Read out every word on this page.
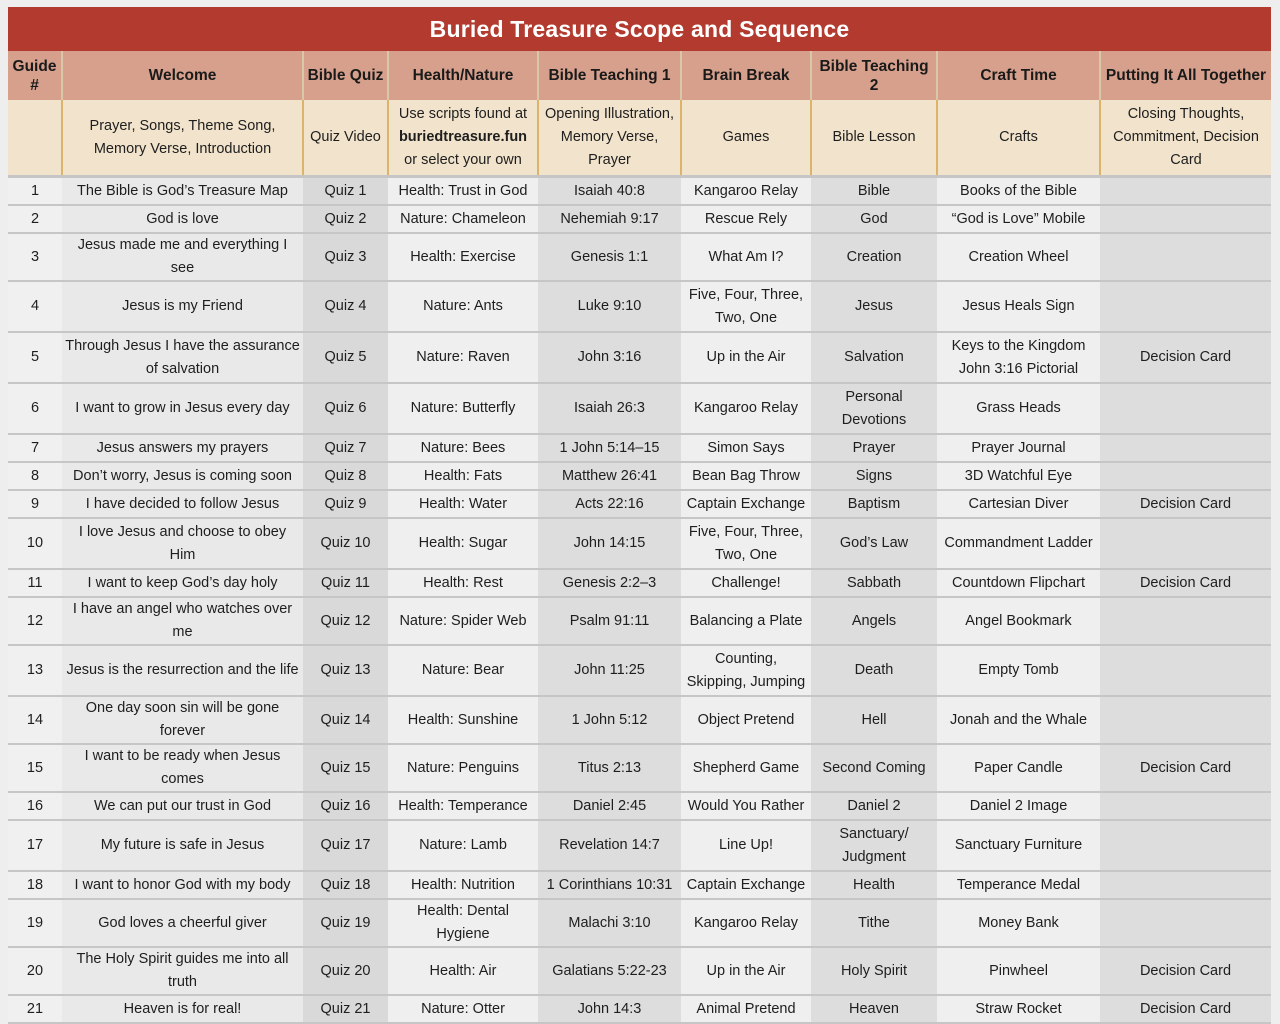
Buried Treasure Scope and Sequence
Guide #	Welcome	Bible Quiz	Health/Nature	Bible Teaching 1	Brain Break	Bible Teaching 2	Craft Time	Putting It All Together
	Prayer, Songs, Theme Song, Memory Verse, Introduction	Quiz Video	Use scripts found at
buriedtreasure.fun
or select your own	Opening Illustration, Memory Verse, Prayer	Games	Bible Lesson	Crafts	Closing Thoughts, Commitment, Decision Card
1	The Bible is God’s Treasure Map	Quiz 1	Health: Trust in God	Isaiah 40:8	Kangaroo Relay	Bible	Books of the Bible	
2	God is love	Quiz 2	Nature: Chameleon	Nehemiah 9:17	Rescue Rely	God	“God is Love” Mobile	
3	Jesus made me and everything I see	Quiz 3	Health: Exercise	Genesis 1:1	What Am I?	Creation	Creation Wheel	
4	Jesus is my Friend	Quiz 4	Nature: Ants	Luke 9:10	Five, Four, Three, Two, One	Jesus	Jesus Heals Sign	
5	Through Jesus I have the assurance of salvation	Quiz 5	Nature: Raven	John 3:16	Up in the Air	Salvation	Keys to the Kingdom John 3:16 Pictorial	Decision Card
6	I want to grow in Jesus every day	Quiz 6	Nature: Butterfly	Isaiah 26:3	Kangaroo Relay	Personal Devotions	Grass Heads	
7	Jesus answers my prayers	Quiz 7	Nature: Bees	1 John 5:14–15	Simon Says	Prayer	Prayer Journal	
8	Don’t worry, Jesus is coming soon	Quiz 8	Health: Fats	Matthew 26:41	Bean Bag Throw	Signs	3D Watchful Eye	
9	I have decided to follow Jesus	Quiz 9	Health: Water	Acts 22:16	Captain Exchange	Baptism	Cartesian Diver	Decision Card
10	I love Jesus and choose to obey Him	Quiz 10	Health: Sugar	John 14:15	Five, Four, Three, Two, One	God’s Law	Commandment Ladder	
11	I want to keep God’s day holy	Quiz 11	Health: Rest	Genesis 2:2–3	Challenge!	Sabbath	Countdown Flipchart	Decision Card
12	I have an angel who watches over me	Quiz 12	Nature: Spider Web	Psalm 91:11	Balancing a Plate	Angels	Angel Bookmark	
13	Jesus is the resurrection and the life	Quiz 13	Nature: Bear	John 11:25	Counting, Skipping, Jumping	Death	Empty Tomb	
14	One day soon sin will be gone forever	Quiz 14	Health: Sunshine	1 John 5:12	Object Pretend	Hell	Jonah and the Whale	
15	I want to be ready when Jesus comes	Quiz 15	Nature: Penguins	Titus 2:13	Shepherd Game	Second Coming	Paper Candle	Decision Card
16	We can put our trust in God	Quiz 16	Health: Temperance	Daniel 2:45	Would You Rather	Daniel 2	Daniel 2 Image	
17	My future is safe in Jesus	Quiz 17	Nature: Lamb	Revelation 14:7	Line Up!	Sanctuary/ Judgment	Sanctuary Furniture	
18	I want to honor God with my body	Quiz 18	Health: Nutrition	1 Corinthians 10:31	Captain Exchange	Health	Temperance Medal	
19	God loves a cheerful giver	Quiz 19	Health: Dental Hygiene	Malachi 3:10	Kangaroo Relay	Tithe	Money Bank	
20	The Holy Spirit guides me into all truth	Quiz 20	Health: Air	Galatians 5:22-23	Up in the Air	Holy Spirit	Pinwheel	Decision Card
21	Heaven is for real!	Quiz 21	Nature: Otter	John 14:3	Animal Pretend	Heaven	Straw Rocket	Decision Card
